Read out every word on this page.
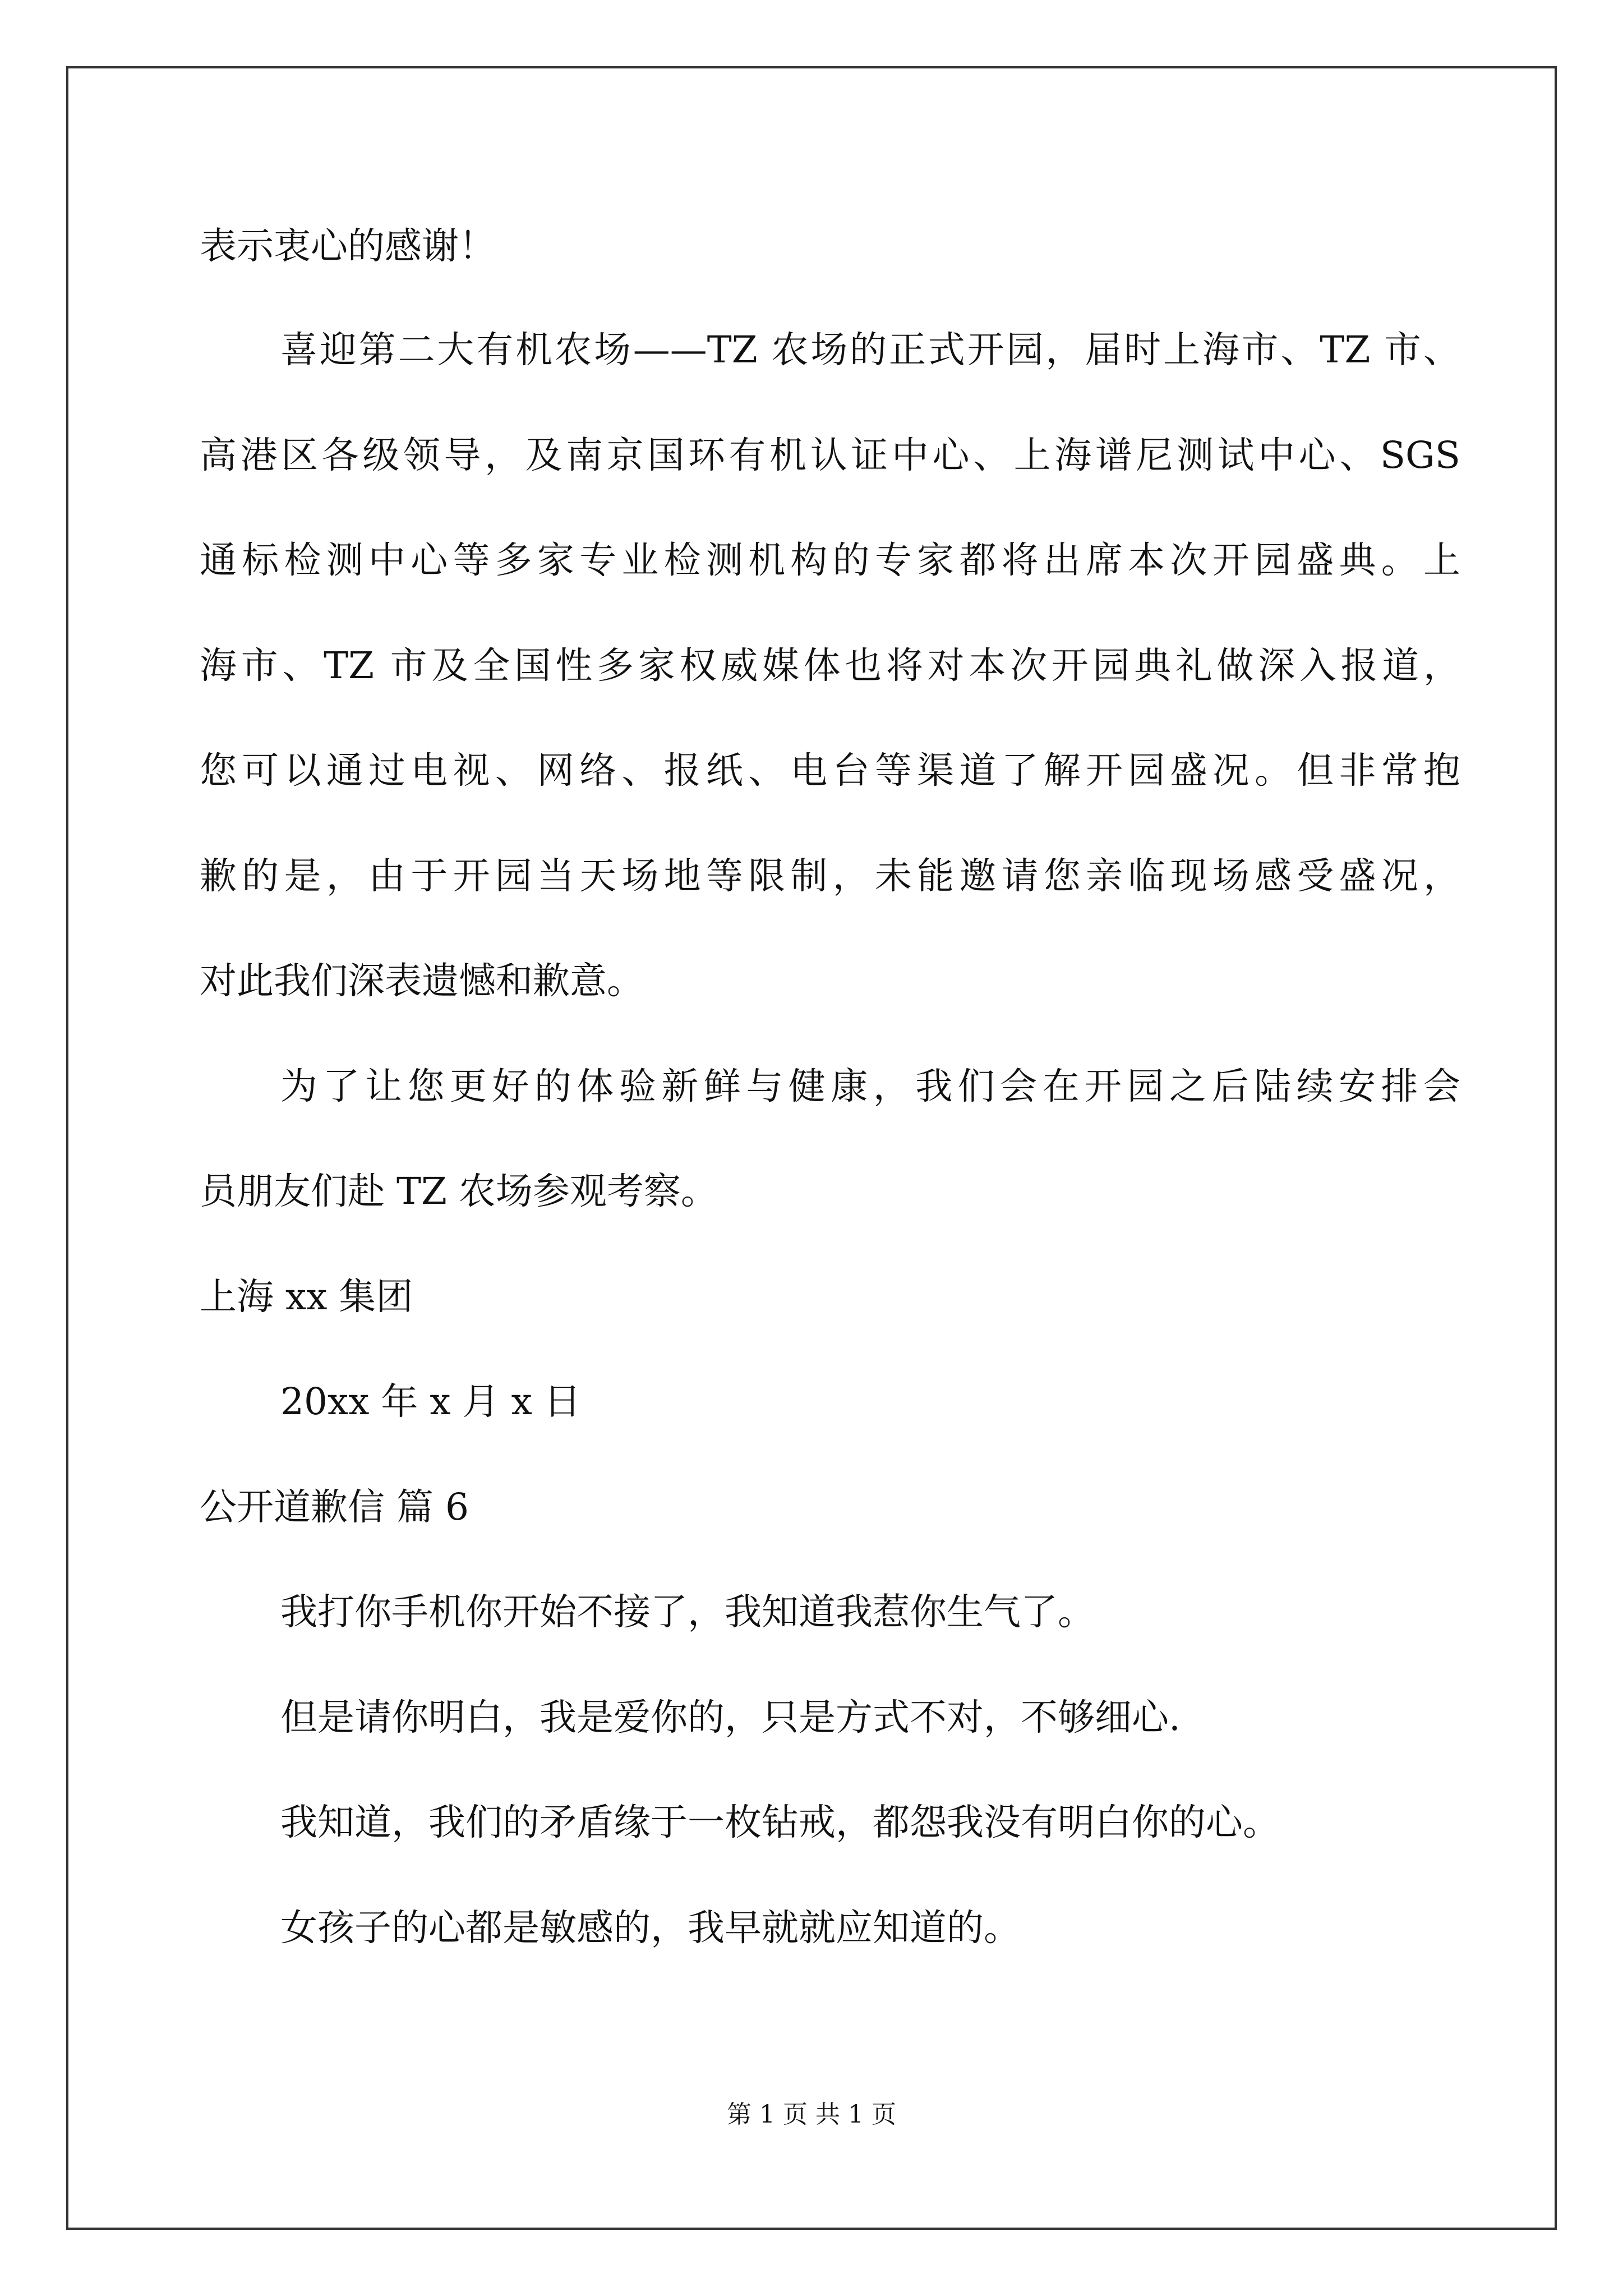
表示衷心的感谢！

喜迎第二大有机农场——TZ 农场的正式开园，届时上海市、TZ 市、

高港区各级领导，及南京国环有机认证中心、上海谱尼测试中心、SGS

通标检测中心等多家专业检测机构的专家都将出席本次开园盛典。上

海市、TZ 市及全国性多家权威媒体也将对本次开园典礼做深入报道，

您可以通过电视、网络、报纸、电台等渠道了解开园盛况。但非常抱

歉的是，由于开园当天场地等限制，未能邀请您亲临现场感受盛况，

对此我们深表遗憾和歉意。

为了让您更好的体验新鲜与健康，我们会在开园之后陆续安排会

员朋友们赴 TZ 农场参观考察。

上海 xx 集团

20xx 年 x 月 x 日

公开道歉信 篇 6

我打你手机你开始不接了，我知道我惹你生气了。

但是请你明白，我是爱你的，只是方式不对，不够细心.

我知道，我们的矛盾缘于一枚钻戒，都怨我没有明白你的心。

女孩子的心都是敏感的，我早就就应知道的。

第 1 页 共 1 页
